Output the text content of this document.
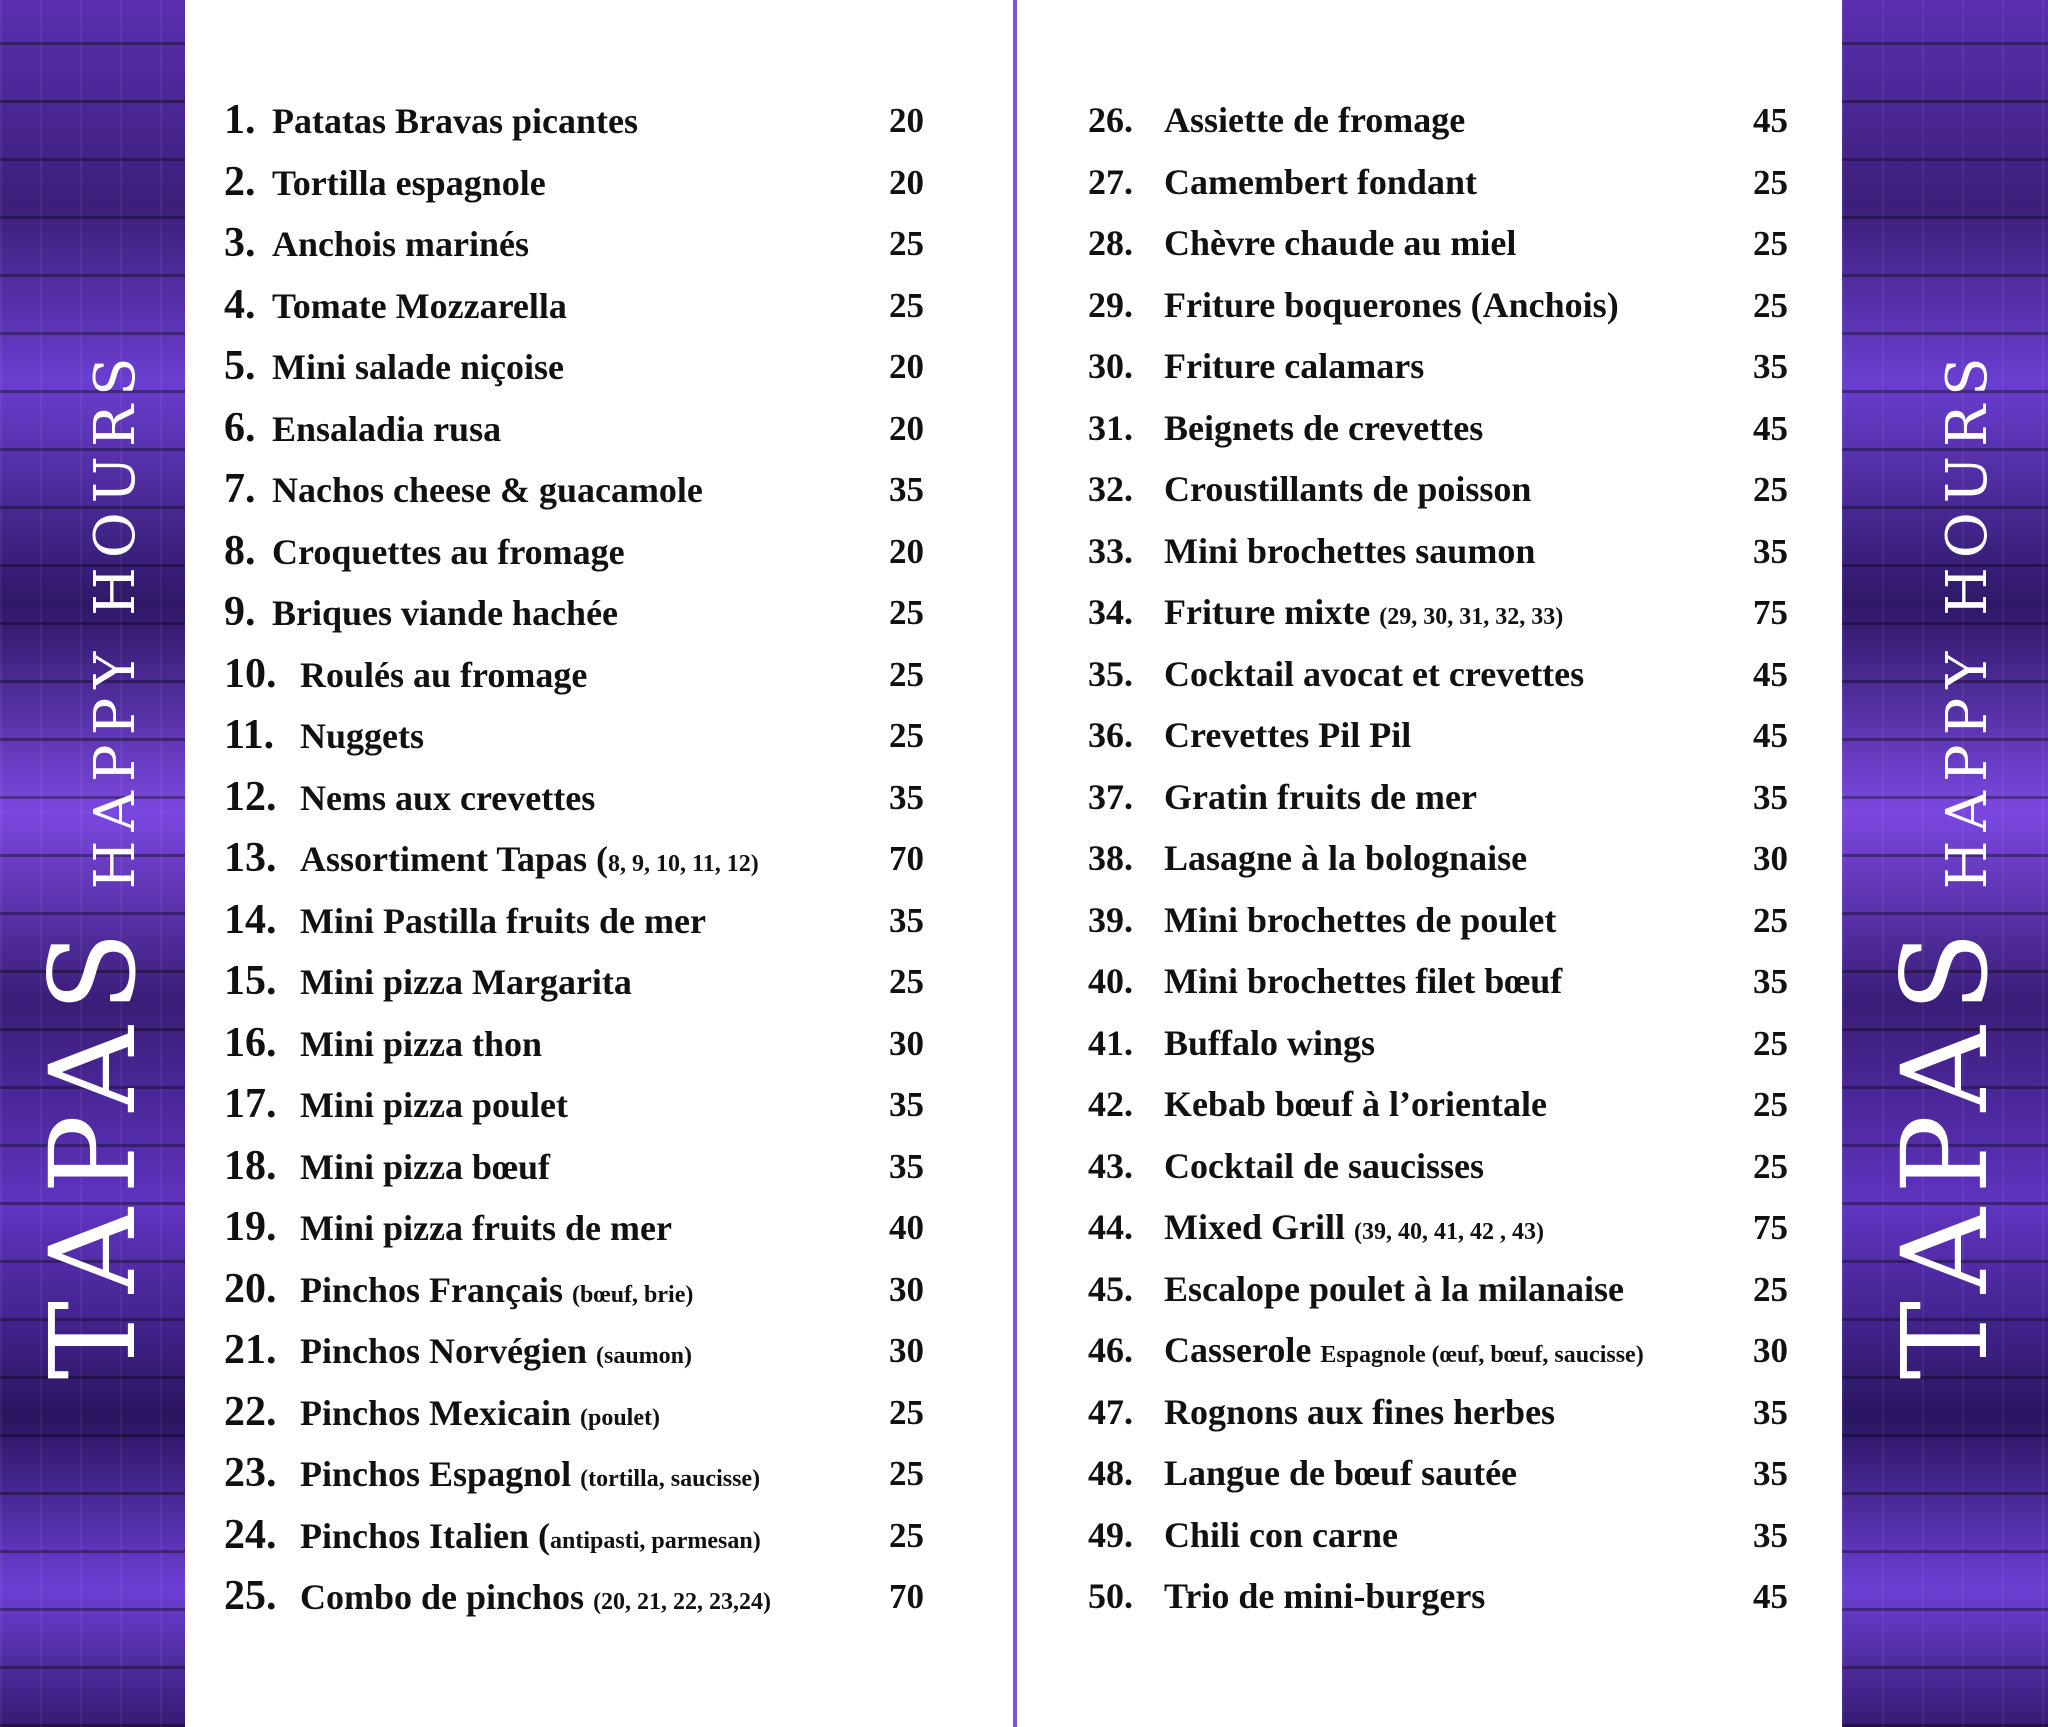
TAPAS
HAPPY HOURS
1. Patatas Bravas picantes	20
2. Tortilla espagnole	20
3. Anchois marinés	25
4. Tomate Mozzarella	25
5. Mini salade niçoise	20
6. Ensaladia rusa	20
7. Nachos cheese & guacamole	35
8. Croquettes au fromage	20
9. Briques viande hachée	25
10. Roulés au fromage	25
11. Nuggets	25
12. Nems aux crevettes	35
13. Assortiment Tapas (8, 9, 10, 11, 12)	70
14. Mini Pastilla fruits de mer	35
15. Mini pizza Margarita	25
16. Mini pizza thon	30
17. Mini pizza poulet	35
18. Mini pizza bœuf	35
19. Mini pizza fruits de mer	40
20. Pinchos Français (bœuf, brie)	30
21. Pinchos Norvégien (saumon)	30
22. Pinchos Mexicain (poulet)	25
23. Pinchos Espagnol (tortilla, saucisse)	25
24. Pinchos Italien (antipasti, parmesan)	25
25. Combo de pinchos (20, 21, 22, 23,24)	70
26. Assiette de fromage	45
27. Camembert fondant	25
28. Chèvre chaude au miel	25
29. Friture boquerones (Anchois)	25
30. Friture calamars	35
31. Beignets de crevettes	45
32. Croustillants de poisson	25
33. Mini brochettes saumon	35
34. Friture mixte (29, 30, 31, 32, 33)	75
35. Cocktail avocat et crevettes	45
36. Crevettes Pil Pil	45
37. Gratin fruits de mer	35
38. Lasagne à la bolognaise	30
39. Mini brochettes de poulet	25
40. Mini brochettes filet bœuf	35
41. Buffalo wings	25
42. Kebab bœuf à l’orientale	25
43. Cocktail de saucisses	25
44. Mixed Grill (39, 40, 41, 42 , 43)	75
45. Escalope poulet à la milanaise	25
46. Casserole Espagnole (œuf, bœuf, saucisse)	30
47. Rognons aux fines herbes	35
48. Langue de bœuf sautée	35
49. Chili con carne	35
50. Trio de mini-burgers	45
TAPAS
HAPPY HOURS
